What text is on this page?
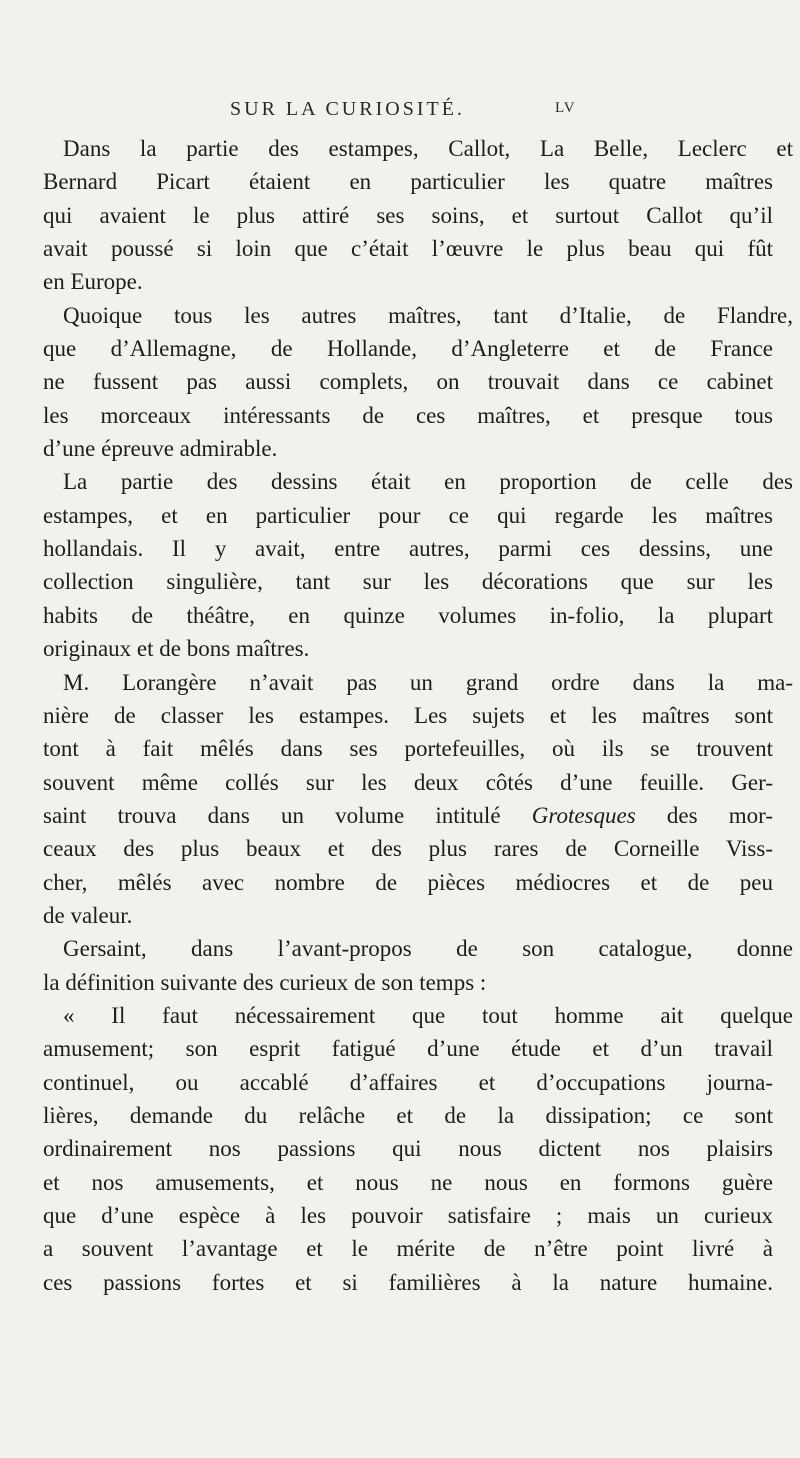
SUR LA CURIOSITÉ.	LV
Dans la partie des estampes, Callot, La Belle, Leclerc et
Bernard Picart étaient en particulier les quatre maîtres
qui avaient le plus attiré ses soins, et surtout Callot qu’il
avait poussé si loin que c’était l’œuvre le plus beau qui fût
en Europe.
Quoique tous les autres maîtres, tant d’Italie, de Flandre,
que d’Allemagne, de Hollande, d’Angleterre et de France
ne fussent pas aussi complets, on trouvait dans ce cabinet
les morceaux intéressants de ces maîtres, et presque tous
d’une épreuve admirable.
La partie des dessins était en proportion de celle des
estampes, et en particulier pour ce qui regarde les maîtres
hollandais. Il y avait, entre autres, parmi ces dessins, une
collection singulière, tant sur les décorations que sur les
habits de théâtre, en quinze volumes in-folio, la plupart
originaux et de bons maîtres.
M. Lorangère n’avait pas un grand ordre dans la ma-
nière de classer les estampes. Les sujets et les maîtres sont
tont à fait mêlés dans ses portefeuilles, où ils se trouvent
souvent même collés sur les deux côtés d’une feuille. Ger-
saint trouva dans un volume intitulé Grotesques des mor-
ceaux des plus beaux et des plus rares de Corneille Viss-
cher, mêlés avec nombre de pièces médiocres et de peu
de valeur.
Gersaint, dans l’avant-propos de son catalogue, donne
la définition suivante des curieux de son temps :
« Il faut nécessairement que tout homme ait quelque
amusement; son esprit fatigué d’une étude et d’un travail
continuel, ou accablé d’affaires et d’occupations journa-
lières, demande du relâche et de la dissipation; ce sont
ordinairement nos passions qui nous dictent nos plaisirs
et nos amusements, et nous ne nous en formons guère
que d’une espèce à les pouvoir satisfaire ; mais un curieux
a souvent l’avantage et le mérite de n’être point livré à
ces passions fortes et si familières à la nature humaine.
